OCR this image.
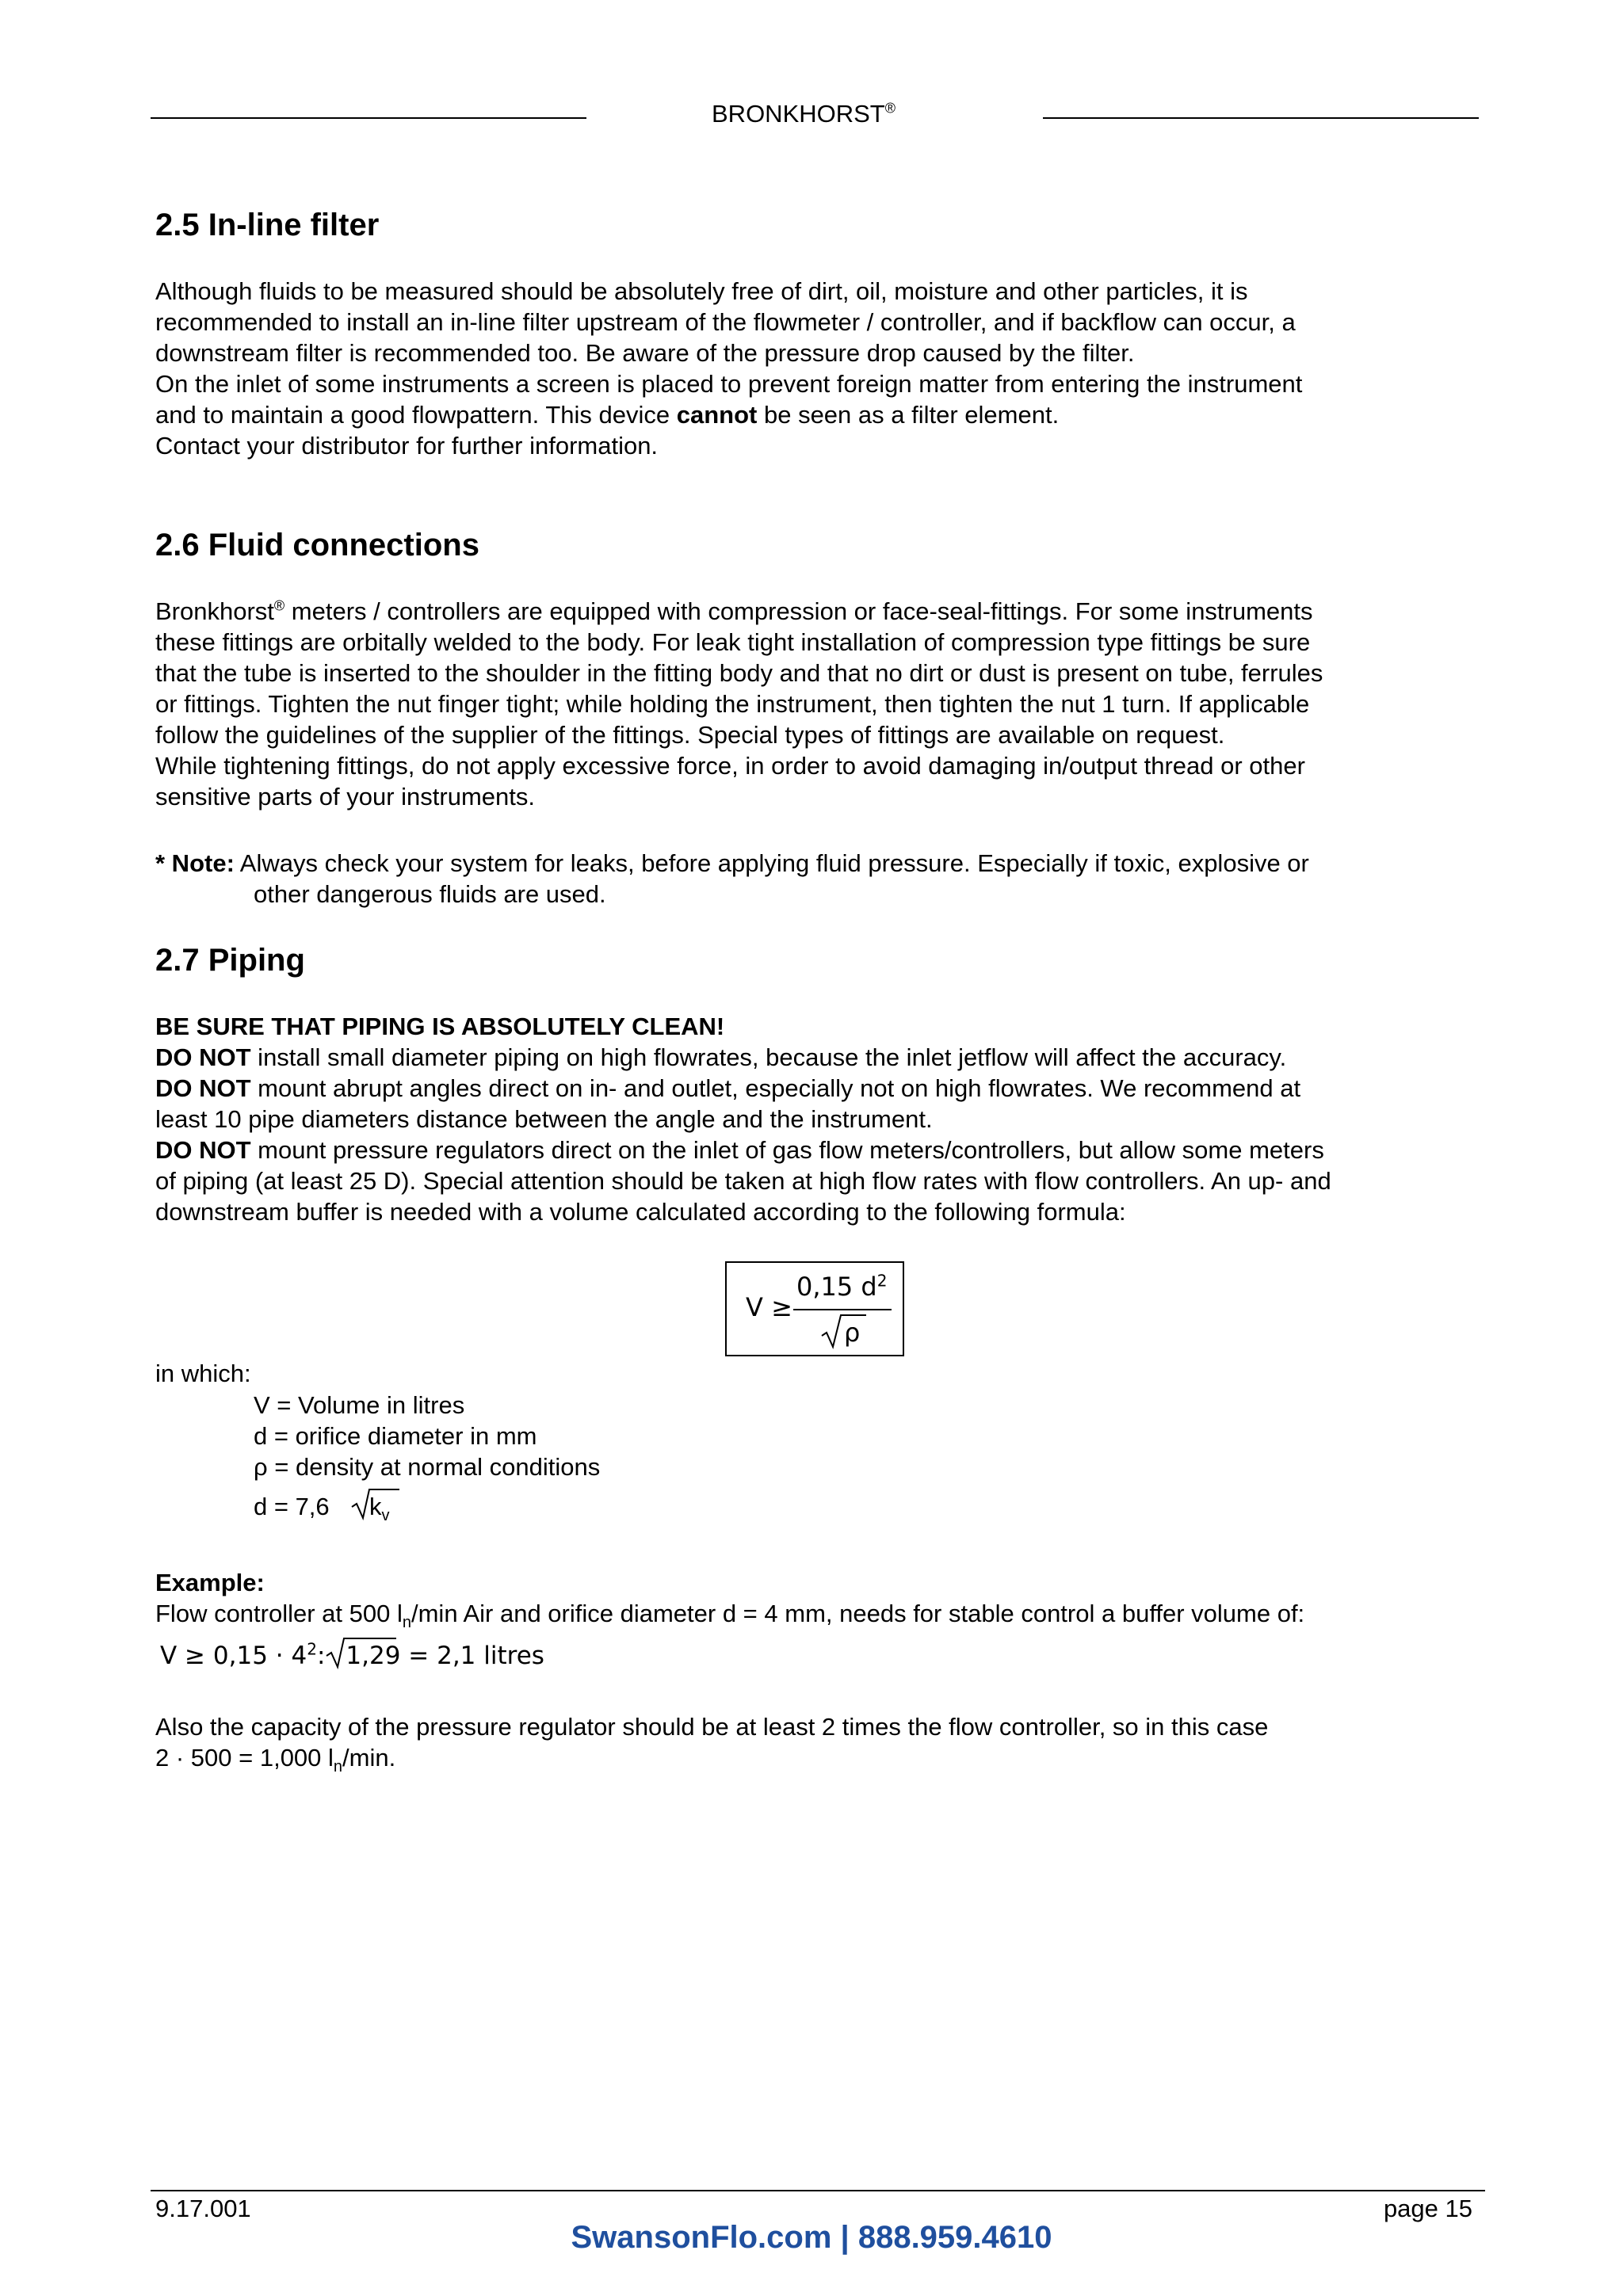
BRONKHORST®
2.5 In-line filter
Although fluids to be measured should be absolutely free of dirt, oil, moisture and other particles, it is
recommended to install an in-line filter upstream of the flowmeter / controller, and if backflow can occur, a
downstream filter is recommended too. Be aware of the pressure drop caused by the filter.
On the inlet of some instruments a screen is placed to prevent foreign matter from entering the instrument
and to maintain a good flowpattern. This device cannot be seen as a filter element.
Contact your distributor for further information.
2.6 Fluid connections
Bronkhorst® meters / controllers are equipped with compression or face-seal-fittings. For some instruments
these fittings are orbitally welded to the body. For leak tight installation of compression type fittings be sure
that the tube is inserted to the shoulder in the fitting body and that no dirt or dust is present on tube, ferrules
or fittings. Tighten the nut finger tight; while holding the instrument, then tighten the nut 1 turn. If applicable
follow the guidelines of the supplier of the fittings. Special types of fittings are available on request.
While tightening fittings, do not apply excessive force, in order to avoid damaging in/output thread or other
sensitive parts of your instruments.
* Note: Always check your system for leaks, before applying fluid pressure. Especially if toxic, explosive or
other dangerous fluids are used.
2.7 Piping
BE SURE THAT PIPING IS ABSOLUTELY CLEAN!
DO NOT install small diameter piping on high flowrates, because the inlet jetflow will affect the accuracy.
DO NOT mount abrupt angles direct on in- and outlet, especially not on high flowrates. We recommend at
least 10 pipe diameters distance between the angle and the instrument.
DO NOT mount pressure regulators direct on the inlet of gas flow meters/controllers, but allow some meters
of piping (at least 25 D). Special attention should be taken at high flow rates with flow controllers. An up- and
downstream buffer is needed with a volume calculated according to the following formula:
V ≥
0,15 $d^2$
ρ
in which:
V = Volume in litres
d = orifice diameter in mm
ρ = density at normal conditions
d = 7,6 $k_v$
Example:
Flow controller at 500 $l_n/\min$ Air and orifice diameter d = 4 mm, needs for stable control a buffer volume of:
$V \ge 0,15 \cdot 4^2$: 1,29 = 2,1 litres
Also the capacity of the pressure regulator should be at least 2 times the flow controller, so in this case
2 · 500 = 1,000 $l_n/\min$.
9.17.001	page 15
SwansonFlo.com | 888.959.4610
